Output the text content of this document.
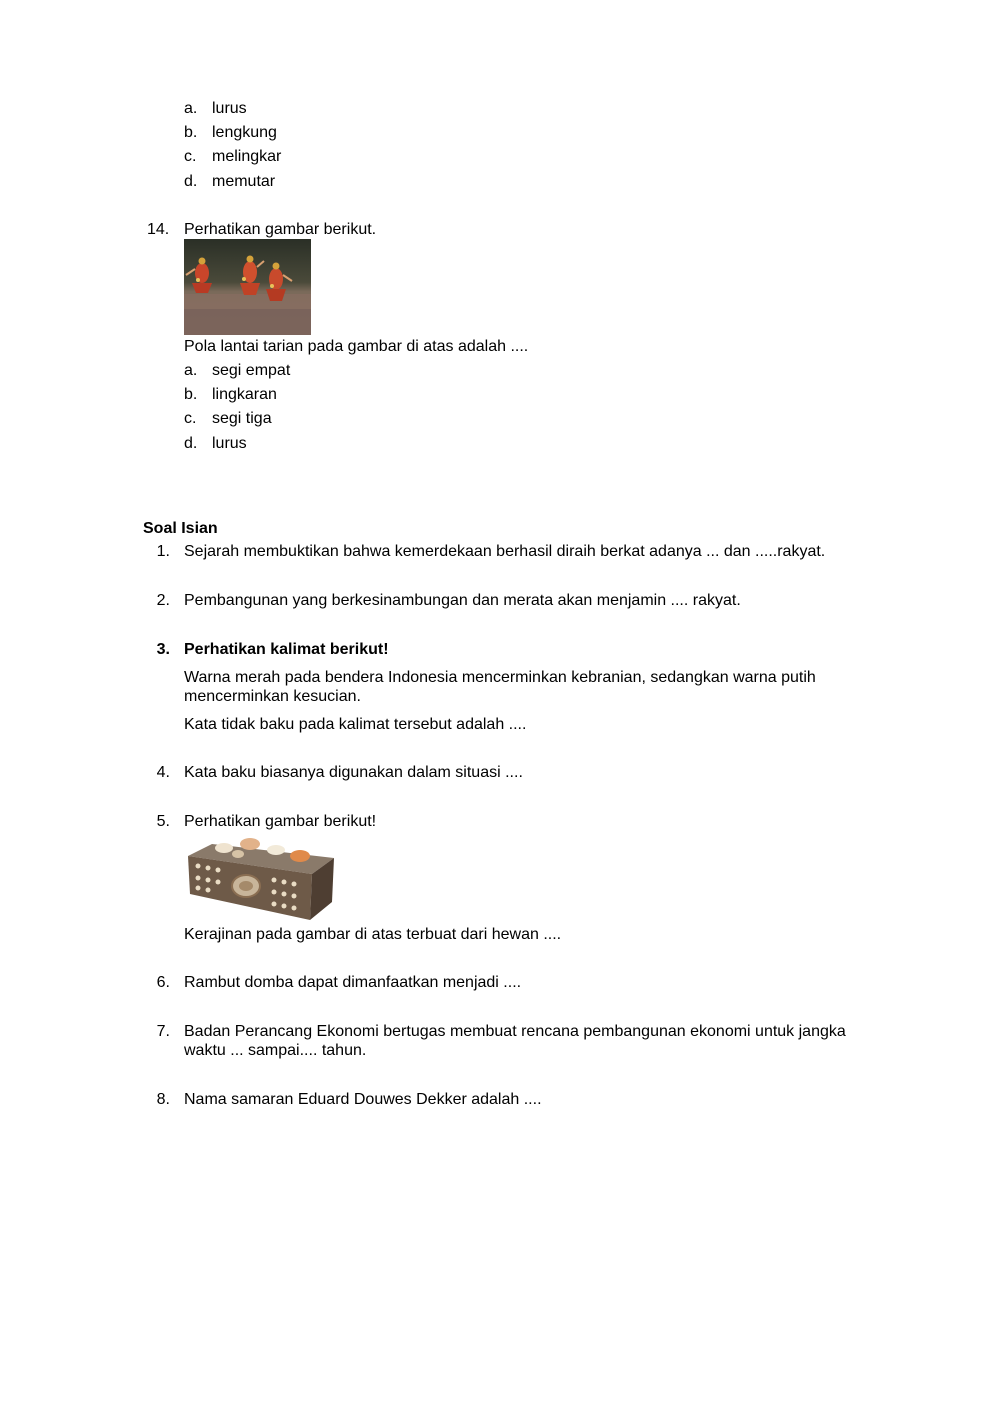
a. lurus
b. lengkung
c. melingkar
d. memutar
14. Perhatikan gambar berikut.
Pola lantai tarian pada gambar di atas adalah ....
a. segi empat
b. lingkaran
c. segi tiga
d. lurus
Soal Isian
1. Sejarah membuktikan bahwa kemerdekaan berhasil diraih berkat adanya ... dan .....rakyat.
2. Pembangunan yang berkesinambungan dan merata akan menjamin .... rakyat.
3. Perhatikan kalimat berikut!
Warna merah pada bendera Indonesia mencerminkan kebranian, sedangkan warna putih mencerminkan kesucian.
Kata tidak baku pada kalimat tersebut adalah ....
4. Kata baku biasanya digunakan dalam situasi ....
5. Perhatikan gambar berikut!
Kerajinan pada gambar di atas terbuat dari hewan ....
6. Rambut domba dapat dimanfaatkan menjadi ....
7. Badan Perancang Ekonomi bertugas membuat rencana pembangunan ekonomi untuk jangka waktu ... sampai.... tahun.
8. Nama samaran Eduard Douwes Dekker adalah ....
